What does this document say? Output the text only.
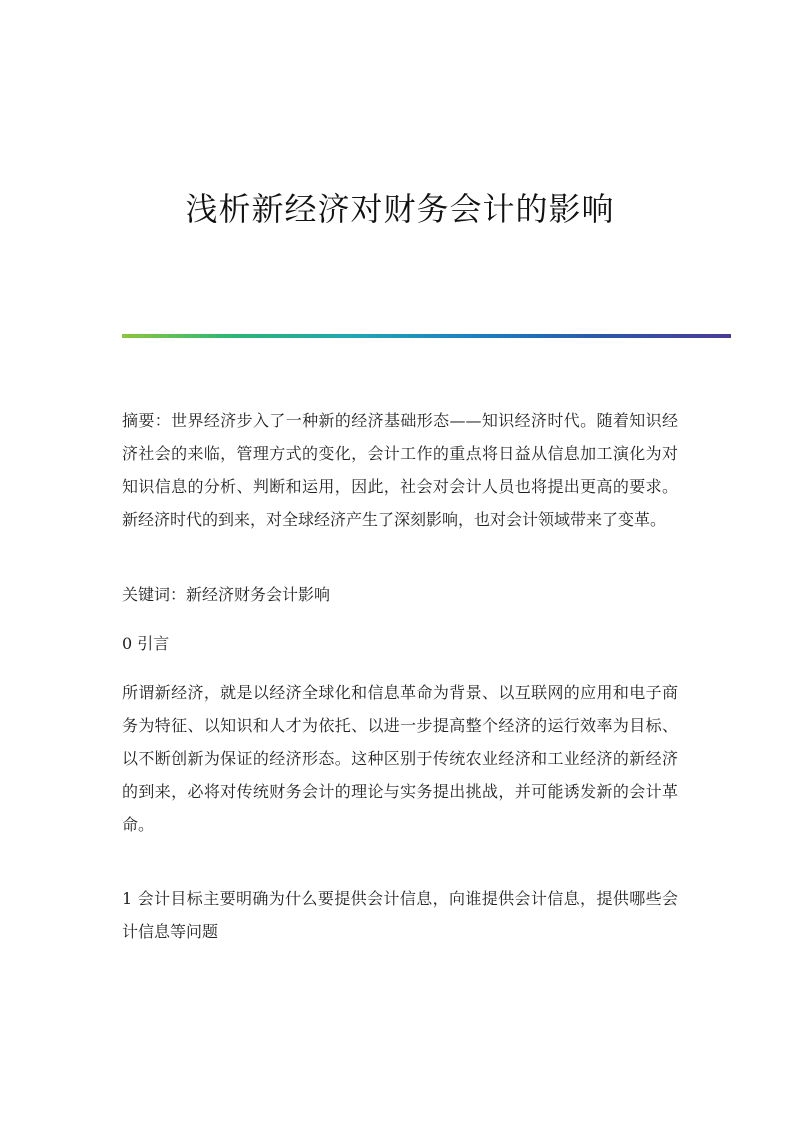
浅析新经济对财务会计的影响

摘要：世界经济步入了一种新的经济基础形态——知识经济时代。随着知识经济社会的来临，管理方式的变化，会计工作的重点将日益从信息加工演化为对知识信息的分析、判断和运用，因此，社会对会计人员也将提出更高的要求。新经济时代的到来，对全球经济产生了深刻影响，也对会计领域带来了变革。

关键词：新经济财务会计影响

0 引言

所谓新经济，就是以经济全球化和信息革命为背景、以互联网的应用和电子商务为特征、以知识和人才为依托、以进一步提高整个经济的运行效率为目标、以不断创新为保证的经济形态。这种区别于传统农业经济和工业经济的新经济的到来，必将对传统财务会计的理论与实务提出挑战，并可能诱发新的会计革命。

1 会计目标主要明确为什么要提供会计信息，向谁提供会计信息，提供哪些会计信息等问题
